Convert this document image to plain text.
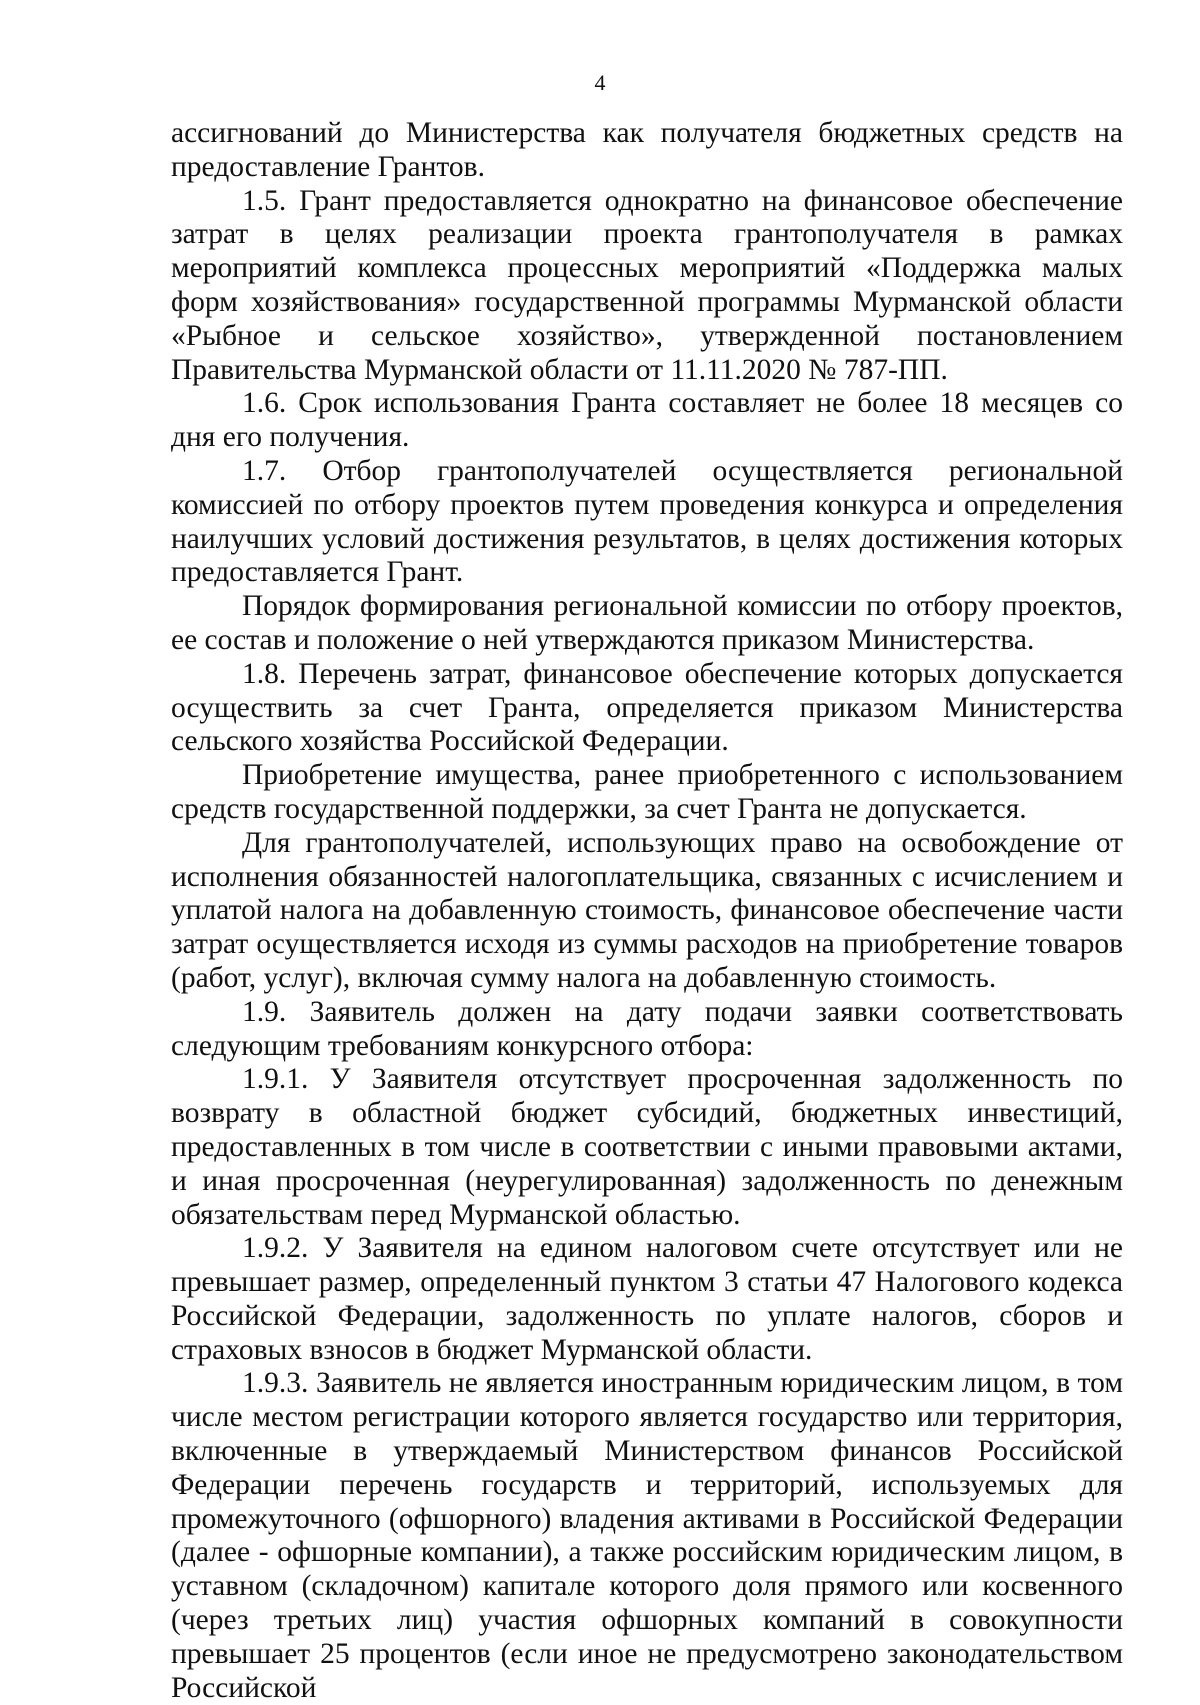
4

ассигнований до Министерства как получателя бюджетных средств на предоставление Грантов.

1.5. Грант предоставляется однократно на финансовое обеспечение затрат в целях реализации проекта грантополучателя в рамках мероприятий комплекса процессных мероприятий «Поддержка малых форм хозяйствования» государственной программы Мурманской области «Рыбное и сельское хозяйство», утвержденной постановлением Правительства Мурманской области от 11.11.2020 № 787-ПП.

1.6. Срок использования Гранта составляет не более 18 месяцев со дня его получения.

1.7. Отбор грантополучателей осуществляется региональной комиссией по отбору проектов путем проведения конкурса и определения наилучших условий достижения результатов, в целях достижения которых предоставляется Грант.

Порядок формирования региональной комиссии по отбору проектов, ее состав и положение о ней утверждаются приказом Министерства.

1.8. Перечень затрат, финансовое обеспечение которых допускается осуществить за счет Гранта, определяется приказом Министерства сельского хозяйства Российской Федерации.

Приобретение имущества, ранее приобретенного с использованием средств государственной поддержки, за счет Гранта не допускается.

Для грантополучателей, использующих право на освобождение от исполнения обязанностей налогоплательщика, связанных с исчислением и уплатой налога на добавленную стоимость, финансовое обеспечение части затрат осуществляется исходя из суммы расходов на приобретение товаров (работ, услуг), включая сумму налога на добавленную стоимость.

1.9. Заявитель должен на дату подачи заявки соответствовать следующим требованиям конкурсного отбора:

1.9.1. У Заявителя отсутствует просроченная задолженность по возврату в областной бюджет субсидий, бюджетных инвестиций, предоставленных в том числе в соответствии с иными правовыми актами, и иная просроченная (неурегулированная) задолженность по денежным обязательствам перед Мурманской областью.

1.9.2. У Заявителя на едином налоговом счете отсутствует или не превышает размер, определенный пунктом 3 статьи 47 Налогового кодекса Российской Федерации, задолженность по уплате налогов, сборов и страховых взносов в бюджет Мурманской области.

1.9.3. Заявитель не является иностранным юридическим лицом, в том числе местом регистрации которого является государство или территория, включенные в утверждаемый Министерством финансов Российской Федерации перечень государств и территорий, используемых для промежуточного (офшорного) владения активами в Российской Федерации (далее - офшорные компании), а также российским юридическим лицом, в уставном (складочном) капитале которого доля прямого или косвенного (через третьих лиц) участия офшорных компаний в совокупности превышает 25 процентов (если иное не предусмотрено законодательством Российской
